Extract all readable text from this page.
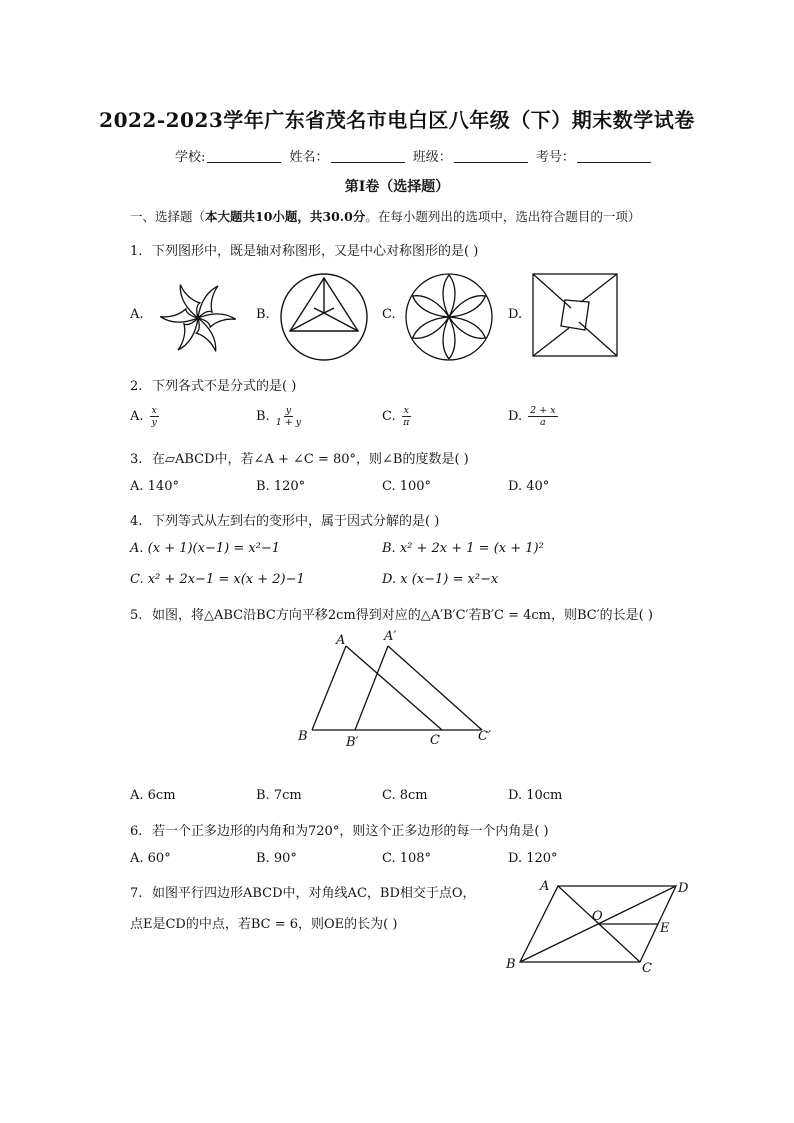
2022-2023学年广东省茂名市电白区八年级（下）期末数学试卷
学校:	姓名：	班级：	考号：
第I卷（选择题）
一、选择题（本大题共10小题，共30.0分。在每小题列出的选项中，选出符合题目的一项）
1. 下列图形中，既是轴对称图形，又是中心对称图形的是( )
A.	B.	C.	D.
2. 下列各式不是分式的是( )
A. $\frac{x}{y}$	B. $\frac{y}{1 + y}$	C. $\frac{x}{\pi}$	D. $\frac{2 + x}{a}$
3. 在▱ABCD中，若∠A + ∠C = 80°，则∠B的度数是( )
A. 140°	B. 120°	C. 100°	D. 40°
4. 下列等式从左到右的变形中，属于因式分解的是( )
A. (x + 1)(x−1) = x²−1	B. x² + 2x + 1 = (x + 1)²
C. x² + 2x−1 = x(x + 2)−1	D. x (x−1) = x²−x
5. 如图，将△ABC沿BC方向平移2cm得到对应的△A′B′C′若B′C = 4cm，则BC′的长是( )
A	A′
B	B′	C	C′
A. 6cm	B. 7cm	C. 8cm	D. 10cm
6. 若一个正多边形的内角和为720°，则这个正多边形的每一个内角是( )
A. 60°	B. 90°	C. 108°	D. 120°
7. 如图平行四边形ABCD中，对角线AC，BD相交于点O，
点E是CD的中点，若BC = 6，则OE的长为( )
A	D
O
E
B	C
